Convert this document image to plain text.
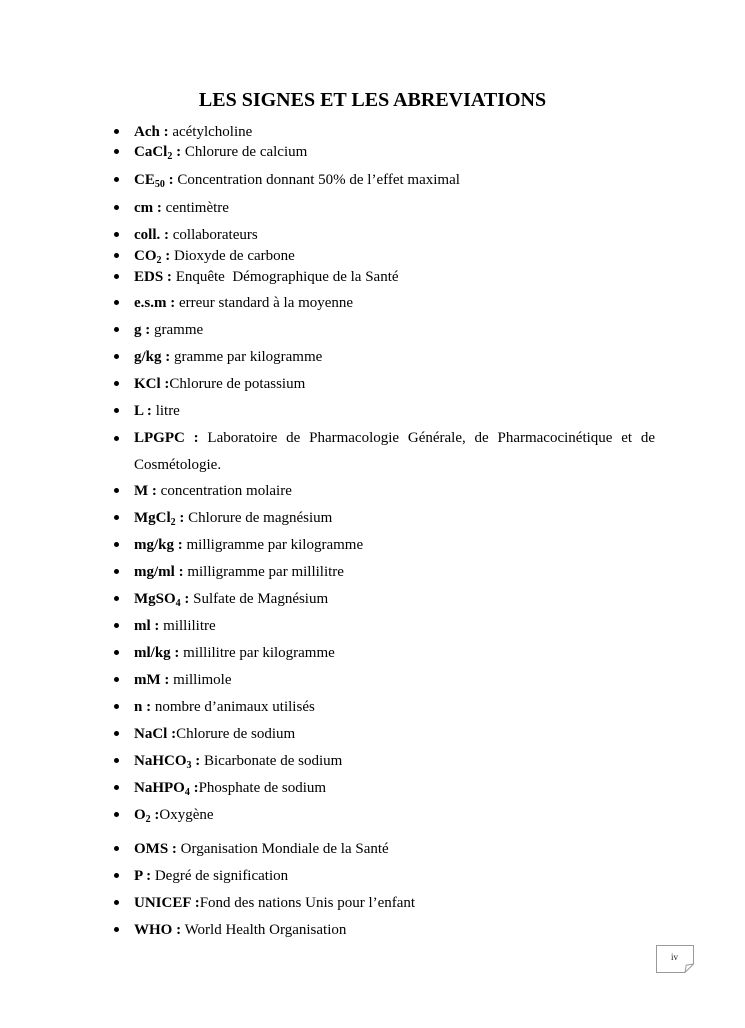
LES SIGNES ET LES ABREVIATIONS
Ach : acétylcholine
CaCl$_2$ : Chlorure de calcium
$CE_{50}$ : Concentration donnant 50% de l’effet maximal
cm : centimètre
coll. : collaborateurs
$CO_2$ : Dioxyde de carbone
EDS : Enquête  Démographique de la Santé
e.s.m : erreur standard à la moyenne
g : gramme
g/kg : gramme par kilogramme
KCl :Chlorure de potassium
L : litre
LPGPC : Laboratoire de Pharmacologie Générale, de Pharmacocinétique et de
Cosmétologie.
M : concentration molaire
MgCl$_2$ : Chlorure de magnésium
mg/kg : milligramme par kilogramme
mg/ml : milligramme par millilitre
MgSO$_4$ : Sulfate de Magnésium
ml : millilitre
ml/kg : millilitre par kilogramme
mM : millimole
n : nombre d’animaux utilisés
NaCl :Chlorure de sodium
NaHCO$_3$ : Bicarbonate de sodium
NaHPO$_4$ :Phosphate de sodium
$O_2$ :Oxygène
OMS : Organisation Mondiale de la Santé
P : Degré de signification
UNICEF :Fond des nations Unis pour l’enfant
WHO : World Health Organisation
iv
